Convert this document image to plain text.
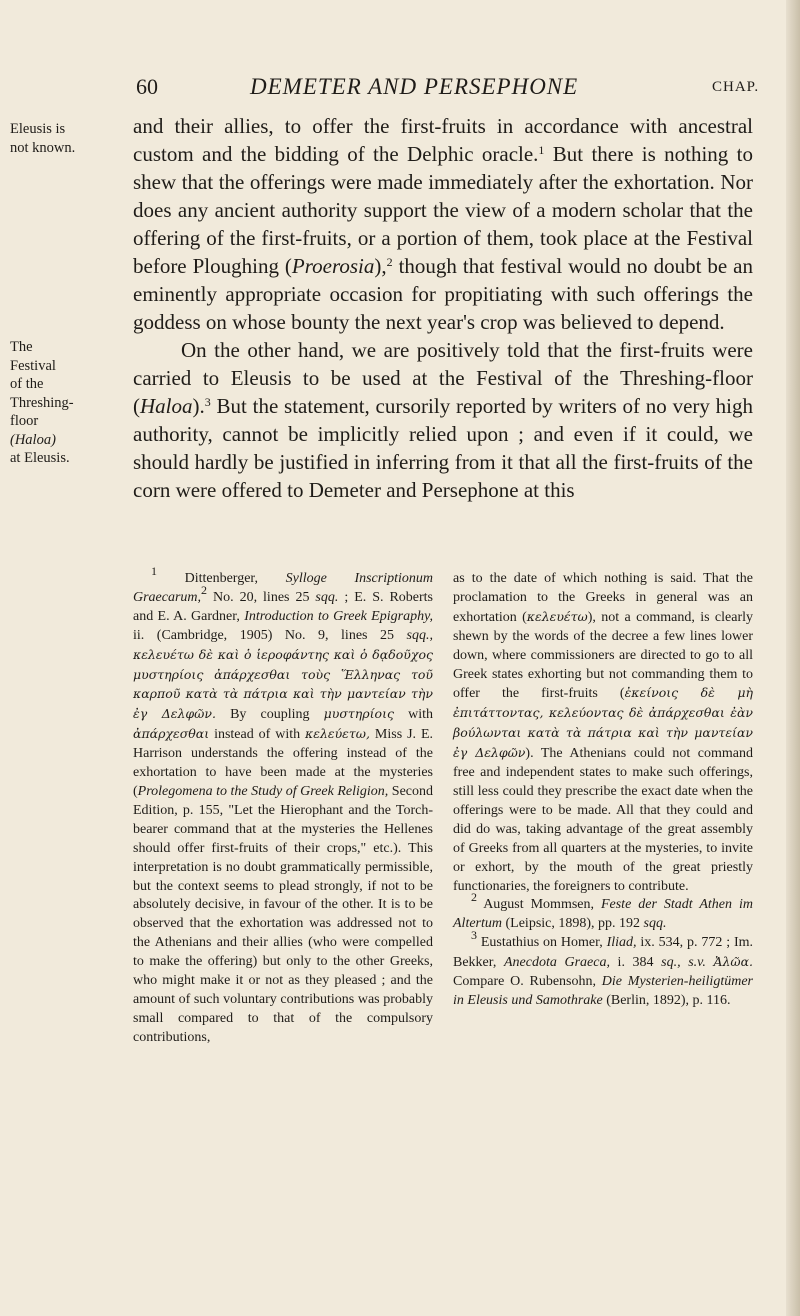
60	DEMETER AND PERSEPHONE	CHAP.
Eleusis is
not known.
The
Festival
of the
Threshing-
floor
(Haloa)
at Eleusis.

and their allies, to offer the first-fruits in accordance with ancestral custom and the bidding of the Delphic oracle.$^1$ But there is nothing to shew that the offerings were made immediately after the exhortation. Nor does any ancient authority support the view of a modern scholar that the offering of the first-fruits, or a portion of them, took place at the Festival before Ploughing (Proerosia),$^2$ though that festival would no doubt be an eminently appropriate occasion for propitiating with such offerings the goddess on whose bounty the next year's crop was believed to depend.

On the other hand, we are positively told that the first-fruits were carried to Eleusis to be used at the Festival of the Threshing-floor (Haloa).$^3$ But the statement, cursorily reported by writers of no very high authority, cannot be implicitly relied upon ; and even if it could, we should hardly be justified in inferring from it that all the first-fruits of the corn were offered to Demeter and Persephone at this

$^1$ Dittenberger, Sylloge Inscriptionum Graecarum,$^2$ No. 20, lines 25 sqq. ; E. S. Roberts and E. A. Gardner, Introduction to Greek Epigraphy, ii. (Cambridge, 1905) No. 9, lines 25 sqq., κελευέτω δὲ καὶ ὁ ἱεροφάντης καὶ ὁ δᾳδοῦχος μυστηρίοις ἀπάρχεσθαι τοὺς Ἕλληνας τοῦ καρποῦ κατὰ τὰ πάτρια καὶ τὴν μαντείαν τὴν ἐγ Δελφῶν. By coupling μυστηρίοις with ἀπάρχεσθαι instead of with κελεύετω, Miss J. E. Harrison understands the offering instead of the exhortation to have been made at the mysteries (Prolegomena to the Study of Greek Religion, Second Edition, p. 155, "Let the Hierophant and the Torch-bearer command that at the mysteries the Hellenes should offer first-fruits of their crops," etc.). This interpretation is no doubt grammatically permissible, but the context seems to plead strongly, if not to be absolutely decisive, in favour of the other. It is to be observed that the exhortation was addressed not to the Athenians and their allies (who were compelled to make the offering) but only to the other Greeks, who might make it or not as they pleased ; and the amount of such voluntary contributions was probably small compared to that of the compulsory contributions,

as to the date of which nothing is said. That the proclamation to the Greeks in general was an exhortation (κελευέτω), not a command, is clearly shewn by the words of the decree a few lines lower down, where commissioners are directed to go to all Greek states exhorting but not commanding them to offer the first-fruits (ἐκείνοις δὲ μὴ ἐπιτάττοντας, κελεύοντας δὲ ἀπάρχεσθαι ἐὰν βούλωνται κατὰ τὰ πάτρια καὶ τὴν μαντείαν ἐγ Δελφῶν). The Athenians could not command free and independent states to make such offerings, still less could they prescribe the exact date when the offerings were to be made. All that they could and did do was, taking advantage of the great assembly of Greeks from all quarters at the mysteries, to invite or exhort, by the mouth of the great priestly functionaries, the foreigners to contribute.

$^2$ August Mommsen, Feste der Stadt Athen im Altertum (Leipsic, 1898), pp. 192 sqq.

$^3$ Eustathius on Homer, Iliad, ix. 534, p. 772 ; Im. Bekker, Anecdota Graeca, i. 384 sq., s.v. Ἀλῶα. Compare O. Rubensohn, Die Mysterien-heiligtümer in Eleusis und Samothrake (Berlin, 1892), p. 116.
